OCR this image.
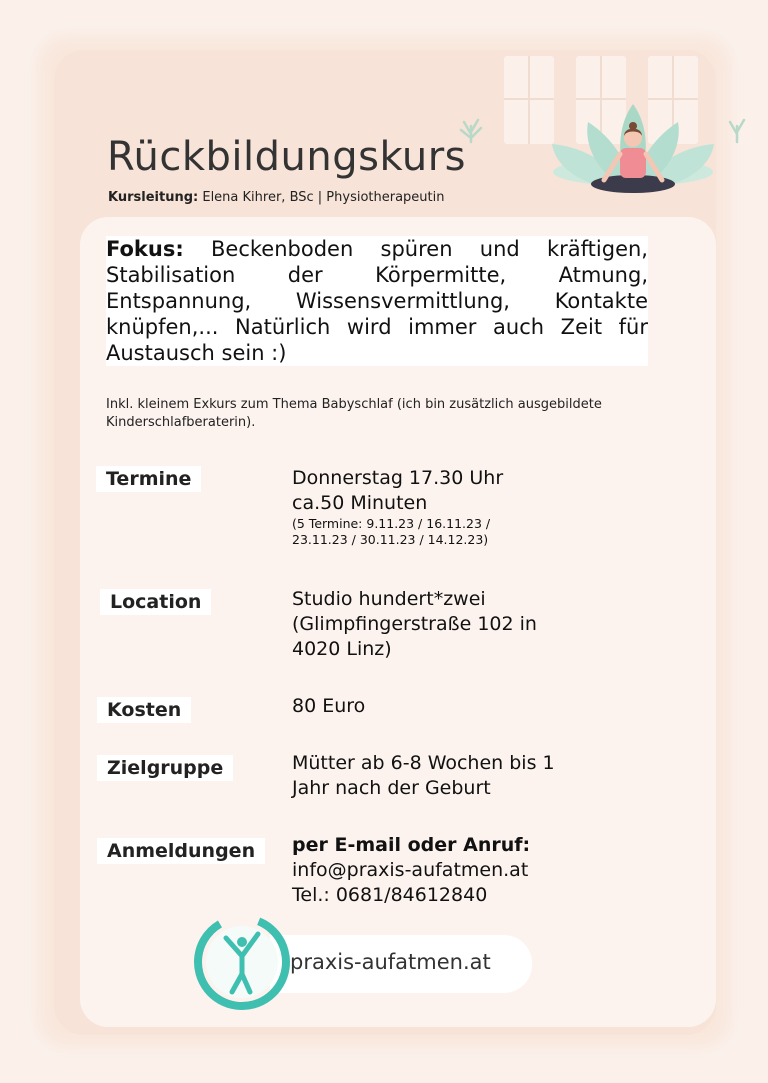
Rückbildungskurs
Kursleitung: Elena Kihrer, BSc | Physiotherapeutin
Fokus: Beckenboden spüren und kräftigen, Stabilisation der Körpermitte, Atmung, Entspannung, Wissensvermittlung, Kontakte knüpfen,... Natürlich wird immer auch Zeit für Austausch sein :)
Inkl. kleinem Exkurs zum Thema Babyschlaf (ich bin zusätzlich ausgebildete Kinderschlafberaterin).
Termine	Donnerstag 17.30 Uhr
ca.50 Minuten
(5 Termine: 9.11.23 / 16.11.23 /
23.11.23 / 30.11.23 / 14.12.23)
Location	Studio hundert*zwei
(Glimpfingerstraße 102 in
4020 Linz)
Kosten	80 Euro
Zielgruppe	Mütter ab 6-8 Wochen bis 1
Jahr nach der Geburt
Anmeldungen	per E-mail oder Anruf:
info@praxis-aufatmen.at
Tel.: 0681/84612840
praxis-aufatmen.at
